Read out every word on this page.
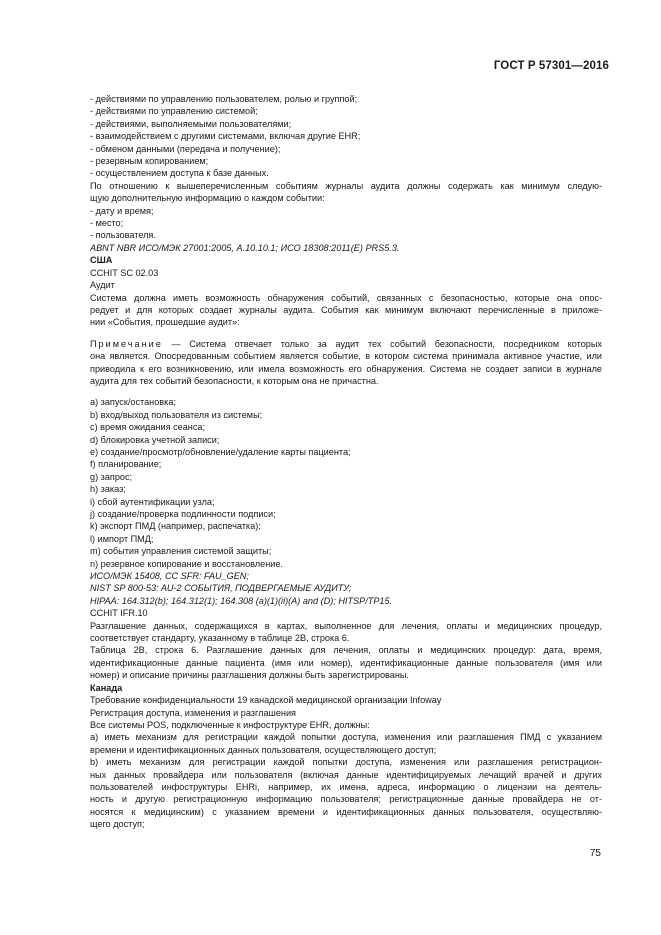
ГОСТ Р 57301—2016
- действиями по управлению пользователем, ролью и группой;
- действиями по управлению системой;
- действиями, выполняемыми пользователями;
- взаимодействием с другими системами, включая другие EHR;
- обменом данными (передача и получение);
- резервным копированием;
- осуществлением доступа к базе данных.
По отношению к вышеперечисленным событиям журналы аудита должны содержать как минимум следую-
щую дополнительную информацию о каждом событии:
- дату и время;
- место;
- пользователя.
ABNT NBR ИСО/МЭК 27001:2005, A.10.10.1; ИСО 18308:2011(E) PRS5.3.
США
CCHIT SC 02.03
Аудит
Система должна иметь возможность обнаружения событий, связанных с безопасностью, которые она опос-
редует и для которых создает журналы аудита. События как минимум включают перечисленные в приложе-
нии «События, прошедшие аудит»:
Примечание — Система отвечает только за аудит тех событий безопасности, посредником которых
она является. Опосредованным событием является событие, в котором система принимала активное участие, или
приводила к его возникновению, или имела возможность его обнаружения. Система не создает записи в журнале
аудита для тех событий безопасности, к которым она не причастна.
a) запуск/остановка;
b) вход/выход пользователя из системы;
c) время ожидания сеанса;
d) блокировка учетной записи;
e) создание/просмотр/обновление/удаление карты пациента;
f) планирование;
g) запрос;
h) заказ;
i) сбой аутентификации узла;
j) создание/проверка подлинности подписи;
k) экспорт ПМД (например, распечатка);
l) импорт ПМД;
m) события управления системой защиты;
n) резервное копирование и восстановление.
ИСО/МЭК 15408, CC SFR: FAU_GEN;
NIST SP 800-53: AU-2 СОБЫТИЯ, ПОДВЕРГАЕМЫЕ АУДИТУ;
HIPAA: 164.312(b); 164.312(1); 164.308 (a)(1)(ii)(A) and (D); HITSP/TP15.
CCHIT IFR.10
Разглашение данных, содержащихся в картах, выполненное для лечения, оплаты и медицинских процедур,
соответствует стандарту, указанному в таблице 2B, строка 6.
Таблица 2B, строка 6. Разглашение данных для лечения, оплаты и медицинских процедур: дата, время,
идентификационные данные пациента (имя или номер), идентификационные данные пользователя (имя или
номер) и описание причины разглашения должны быть зарегистрированы.
Канада
Требование конфиденциальности 19 канадской медицинской организации Infoway
Регистрация доступа, изменения и разглашения
Все системы POS, подключенные к инфоструктуре EHR, должны:
a) иметь механизм для регистрации каждой попытки доступа, изменения или разглашения ПМД с указанием
времени и идентификационных данных пользователя, осуществляющего доступ;
b) иметь механизм для регистрации каждой попытки доступа, изменения или разглашения регистрацион-
ных данных провайдера или пользователя (включая данные идентифицируемых лечащий врачей и других
пользователей инфоструктуры EHRi, например, их имена, адреса, информацию о лицензии на деятель-
ность и другую регистрационную информацию пользователя; регистрационные данные провайдера не от-
носятся к медицинским) с указанием времени и идентификационных данных пользователя, осуществляю-
щего доступ;
75
